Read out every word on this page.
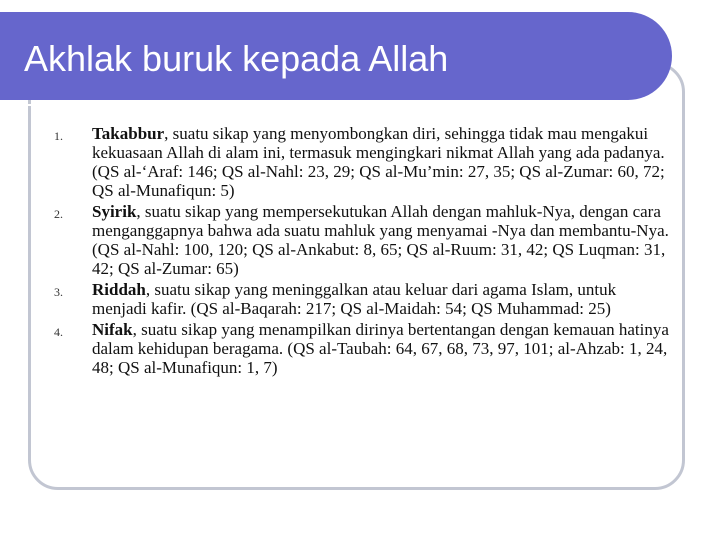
Akhlak buruk kepada Allah
1.	Takabbur, suatu sikap yang menyombongkan diri, sehingga tidak mau mengakui kekuasaan Allah di alam ini, termasuk mengingkari nikmat Allah yang ada padanya. (QS al-‘Araf: 146; QS al-Nahl: 23, 29; QS al-Mu’min: 27, 35; QS al-Zumar: 60, 72; QS al-Munafiqun: 5)
2.	Syirik, suatu sikap yang mempersekutukan Allah dengan mahluk-Nya, dengan cara menganggapnya bahwa ada suatu mahluk yang menyamai -Nya dan membantu-Nya. (QS al-Nahl: 100, 120; QS al-Ankabut: 8, 65; QS al-Ruum: 31, 42; QS Luqman: 31, 42; QS al-Zumar: 65)
3.	Riddah, suatu sikap yang meninggalkan atau keluar dari agama Islam, untuk menjadi kafir. (QS al-Baqarah: 217; QS al-Maidah: 54; QS Muhammad: 25)
4.	Nifak, suatu sikap yang menampilkan dirinya bertentangan dengan kemauan hatinya dalam kehidupan beragama. (QS al-Taubah: 64, 67, 68, 73, 97, 101; al-Ahzab: 1, 24, 48; QS al-Munafiqun: 1, 7)
